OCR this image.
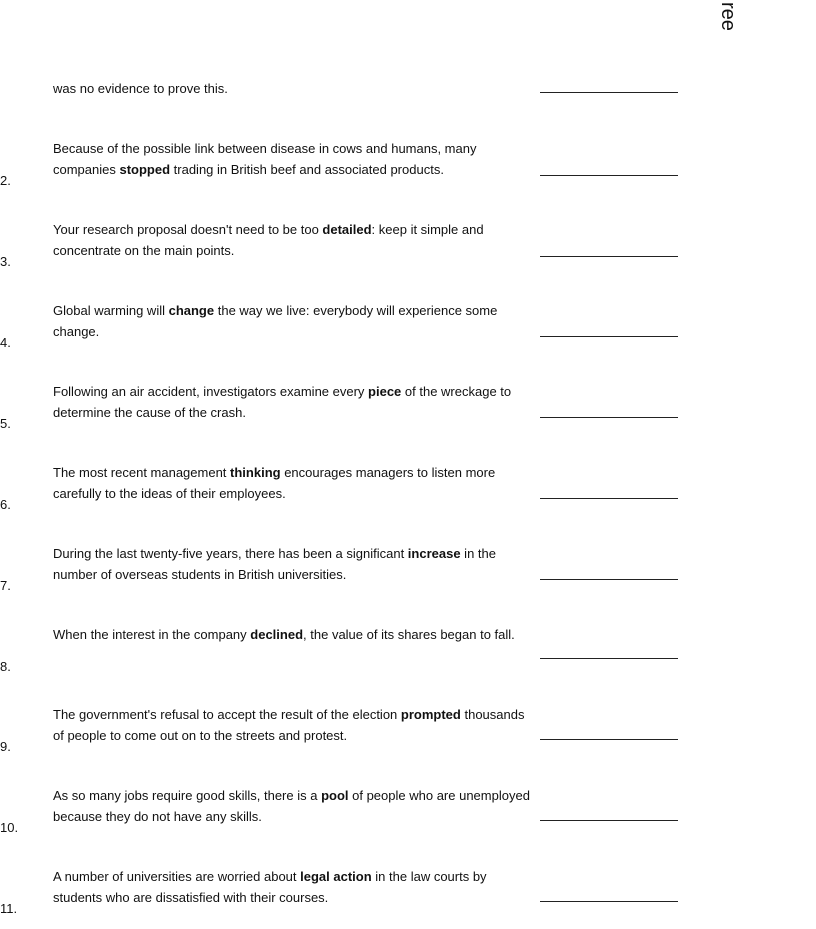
ree
was no evidence to prove this.
2.
Because of the possible link between disease in cows and humans, many companies stopped trading in British beef and associated products.
3.
Your research proposal doesn't need to be too detailed: keep it simple and concentrate on the main points.
4.
Global warming will change the way we live: everybody will experience some change.
5.
Following an air accident, investigators examine every piece of the wreckage to determine the cause of the crash.
6.
The most recent management thinking encourages managers to listen more carefully to the ideas of their employees.
7.
During the last twenty-five years, there has been a significant increase in the number of overseas students in British universities.
8.
When the interest in the company declined, the value of its shares began to fall.
9.
The government's refusal to accept the result of the election prompted thousands of people to come out on to the streets and protest.
10.
As so many jobs require good skills, there is a pool of people who are unemployed because they do not have any skills.
11.
A number of universities are worried about legal action in the law courts by students who are dissatisfied with their courses.
